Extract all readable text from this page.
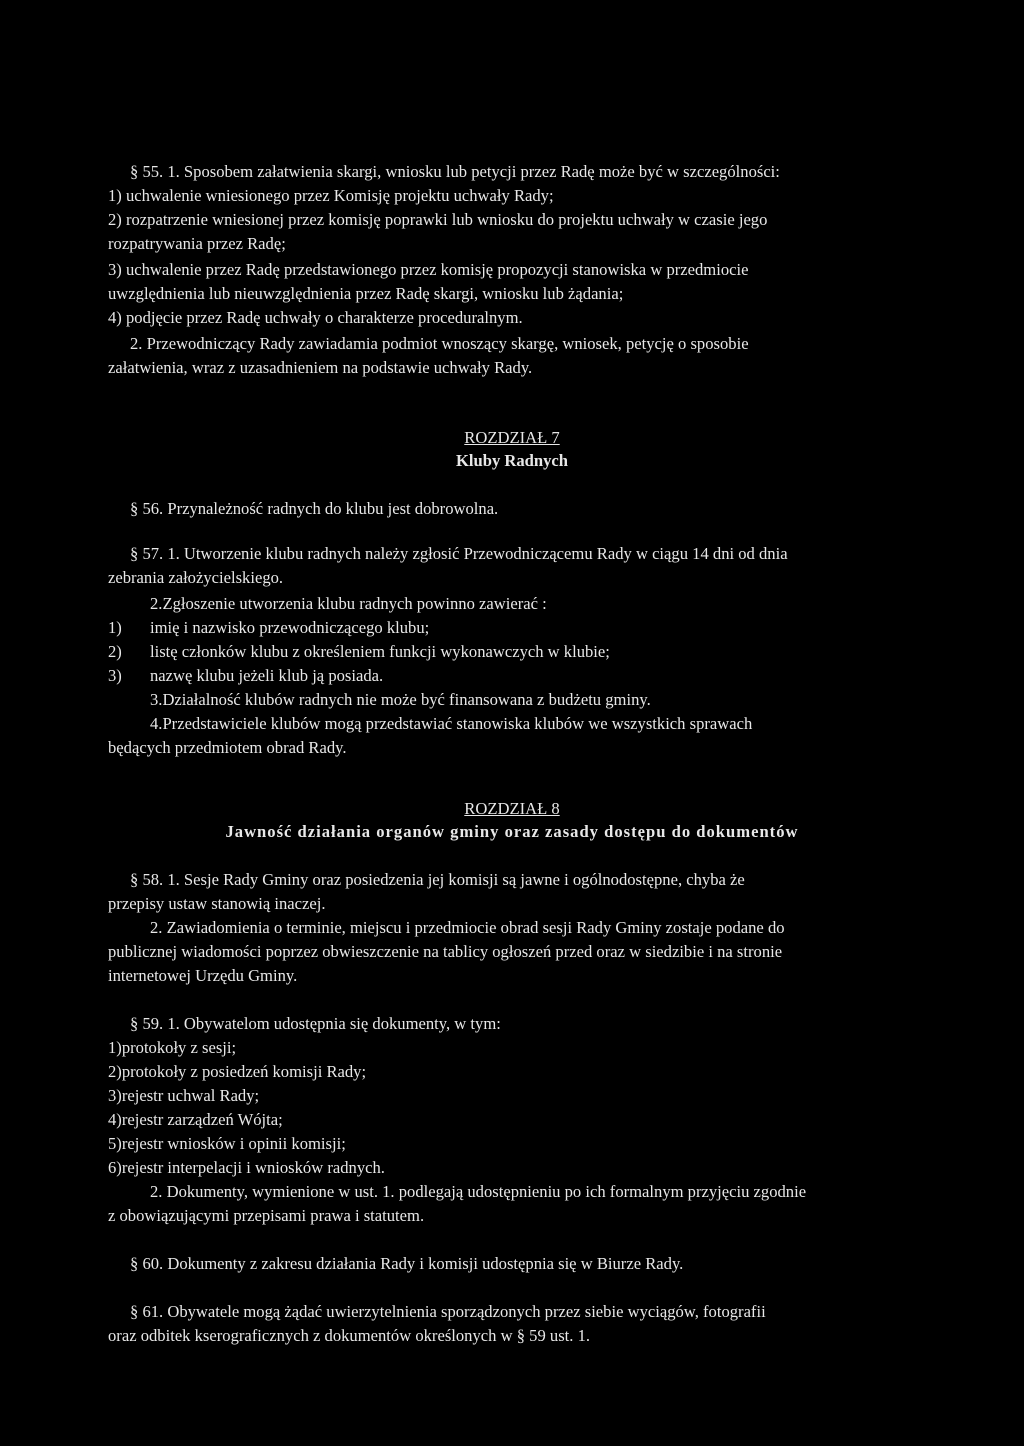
§ 55. 1. Sposobem załatwienia skargi, wniosku lub petycji przez Radę może być w szczególności:
1) uchwalenie wniesionego przez Komisję projektu uchwały Rady;
2) rozpatrzenie wniesionej przez komisję poprawki lub wniosku do projektu uchwały w czasie jego
rozpatrywania przez Radę;
3) uchwalenie przez Radę przedstawionego przez komisję propozycji stanowiska w przedmiocie
uwzględnienia lub nieuwzględnienia przez Radę skargi, wniosku lub żądania;
4) podjęcie przez Radę uchwały o charakterze proceduralnym.
2. Przewodniczący Rady zawiadamia podmiot wnoszący skargę, wniosek, petycję o sposobie
załatwienia, wraz z uzasadnieniem na podstawie uchwały Rady.
ROZDZIAŁ 7
Kluby Radnych
§ 56. Przynależność radnych do klubu jest dobrowolna.
§ 57. 1. Utworzenie klubu radnych należy zgłosić Przewodniczącemu Rady w ciągu 14 dni od dnia
zebrania założycielskiego.
2.Zgłoszenie utworzenia klubu radnych powinno zawierać :
1) imię i nazwisko przewodniczącego klubu;
2) listę członków klubu z określeniem funkcji wykonawczych w klubie;
3) nazwę klubu jeżeli klub ją posiada.
3.Działalność klubów radnych nie może być finansowana z budżetu gminy.
4.Przedstawiciele klubów mogą przedstawiać stanowiska klubów we wszystkich sprawach
będących przedmiotem obrad Rady.
ROZDZIAŁ 8
Jawność działania organów gminy oraz zasady dostępu do dokumentów
§ 58. 1. Sesje Rady Gminy oraz posiedzenia jej komisji są jawne i ogólnodostępne, chyba że
przepisy ustaw stanowią inaczej.
2. Zawiadomienia o terminie, miejscu i przedmiocie obrad sesji Rady Gminy zostaje podane do
publicznej wiadomości poprzez obwieszczenie na tablicy ogłoszeń przed oraz w siedzibie i na stronie
internetowej Urzędu Gminy.
§ 59. 1. Obywatelom udostępnia się dokumenty, w tym:
1)protokoły z sesji;
2)protokoły z posiedzeń komisji Rady;
3)rejestr uchwal Rady;
4)rejestr zarządzeń Wójta;
5)rejestr wniosków i opinii komisji;
6)rejestr interpelacji i wniosków radnych.
2. Dokumenty, wymienione w ust. 1. podlegają udostępnieniu po ich formalnym przyjęciu zgodnie
z obowiązującymi przepisami prawa i statutem.
§ 60. Dokumenty z zakresu działania Rady i komisji udostępnia się w Biurze Rady.
§ 61. Obywatele mogą żądać uwierzytelnienia sporządzonych przez siebie wyciągów, fotografii
oraz odbitek kserograficznych z dokumentów określonych w § 59 ust. 1.
